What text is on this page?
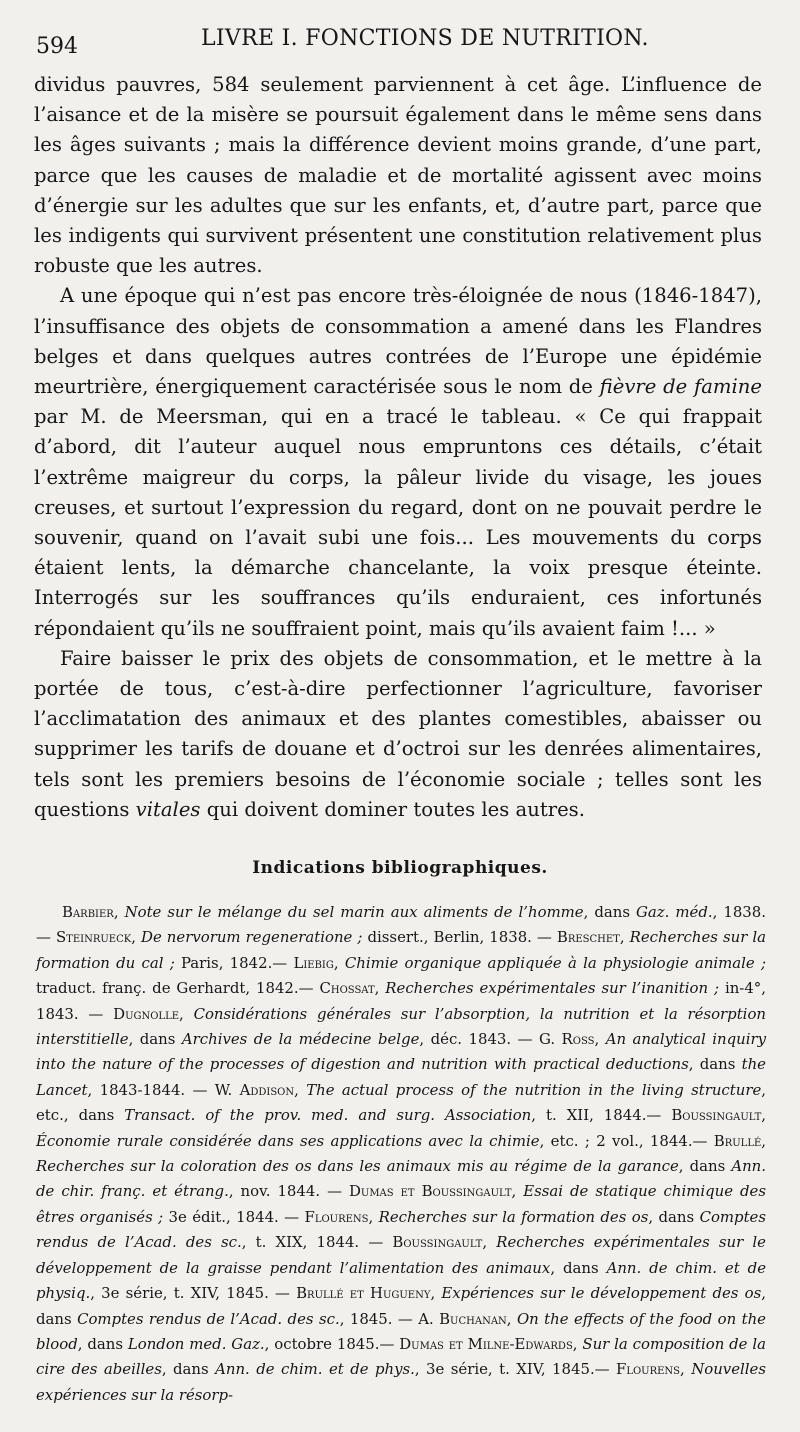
594	LIVRE I. FONCTIONS DE NUTRITION.

dividus pauvres, 584 seulement parviennent à cet âge. L’influence de l’aisance et de la misère se poursuit également dans le même sens dans les âges suivants ; mais la différence devient moins grande, d’une part, parce que les causes de maladie et de mortalité agissent avec moins d’énergie sur les adultes que sur les enfants, et, d’autre part, parce que les indigents qui survivent présentent une constitution relativement plus robuste que les autres.

A une époque qui n’est pas encore très-éloignée de nous (1846-1847), l’insuffisance des objets de consommation a amené dans les Flandres belges et dans quelques autres contrées de l’Europe une épidémie meurtrière, énergiquement caractérisée sous le nom de fièvre de famine par M. de Meersman, qui en a tracé le tableau. « Ce qui frappait d’abord, dit l’auteur auquel nous empruntons ces détails, c’était l’extrême maigreur du corps, la pâleur livide du visage, les joues creuses, et surtout l’expression du regard, dont on ne pouvait perdre le souvenir, quand on l’avait subi une fois... Les mouvements du corps étaient lents, la démarche chancelante, la voix presque éteinte. Interrogés sur les souffrances qu’ils enduraient, ces infortunés répondaient qu’ils ne souffraient point, mais qu’ils avaient faim !... »

Faire baisser le prix des objets de consommation, et le mettre à la portée de tous, c’est-à-dire perfectionner l’agriculture, favoriser l’acclimatation des animaux et des plantes comestibles, abaisser ou supprimer les tarifs de douane et d’octroi sur les denrées alimentaires, tels sont les premiers besoins de l’économie sociale ; telles sont les questions vitales qui doivent dominer toutes les autres.

Indications bibliographiques.

Barbier, Note sur le mélange du sel marin aux aliments de l’homme, dans Gaz. méd., 1838. — Steinrueck, De nervorum regeneratione ; dissert., Berlin, 1838. — Breschet, Recherches sur la formation du cal ; Paris, 1842.— Liebig, Chimie organique appliquée à la physiologie animale ; traduct. franç. de Gerhardt, 1842.— Chossat, Recherches expérimentales sur l’inanition ; in-4°, 1843. — Dugnolle, Considérations générales sur l’absorption, la nutrition et la résorption interstitielle, dans Archives de la médecine belge, déc. 1843. — G. Ross, An analytical inquiry into the nature of the processes of digestion and nutrition with practical deductions, dans the Lancet, 1843-1844. — W. Addison, The actual process of the nutrition in the living structure, etc., dans Transact. of the prov. med. and surg. Association, t. XII, 1844.— Boussingault, Économie rurale considérée dans ses applications avec la chimie, etc. ; 2 vol., 1844.— Brullé, Recherches sur la coloration des os dans les animaux mis au régime de la garance, dans Ann. de chir. franç. et étrang., nov. 1844. — Dumas et Boussingault, Essai de statique chimique des êtres organisés ; 3e édit., 1844. — Flourens, Recherches sur la formation des os, dans Comptes rendus de l’Acad. des sc., t. XIX, 1844. — Boussingault, Recherches expérimentales sur le développement de la graisse pendant l’alimentation des animaux, dans Ann. de chim. et de physiq., 3e série, t. XIV, 1845. — Brullé et Hugueny, Expériences sur le développement des os, dans Comptes rendus de l’Acad. des sc., 1845. — A. Buchanan, On the effects of the food on the blood, dans London med. Gaz., octobre 1845.— Dumas et Milne-Edwards, Sur la composition de la cire des abeilles, dans Ann. de chim. et de phys., 3e série, t. XIV, 1845.— Flourens, Nouvelles expériences sur la résorp-
